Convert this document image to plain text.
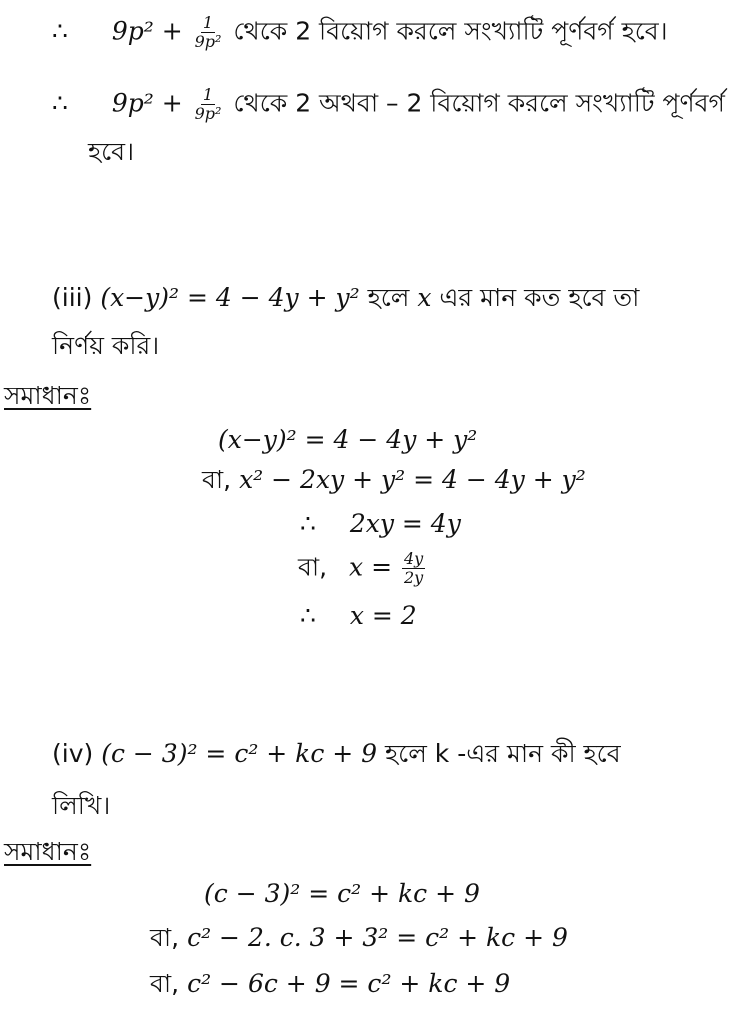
∴ $9p^2 + \frac{1}{\text{9p²}}$ থেকে 2 বিয়োগ করলে সংখ্যাটি পূর্ণবর্গ হবে।
∴ $9p^2 + \frac{1}{\text{9p²}}$ থেকে 2 অথবা – 2 বিয়োগ করলে সংখ্যাটি পূর্ণবর্গ
হবে।
(iii) (x−y)² = 4 − 4y + y² হলে x এর মান কত হবে তা
নির্ণয় করি।
সমাধানঃ
(x−y)² = 4 − 4y + y²
বা, x² − 2xy + y² = 4 − 4y + y²
∴ 2xy = 4y
বা, $x = \frac{4y}{2y}$
∴ x = 2
(iv) (c − 3)² = c² + kc + 9 হলে k -এর মান কী হবে
লিখি।
সমাধানঃ
(c − 3)² = c² + kc + 9
বা, c² − 2. c. 3 + 3² = c² + kc + 9
বা, c² − 6c + 9 = c² + kc + 9
